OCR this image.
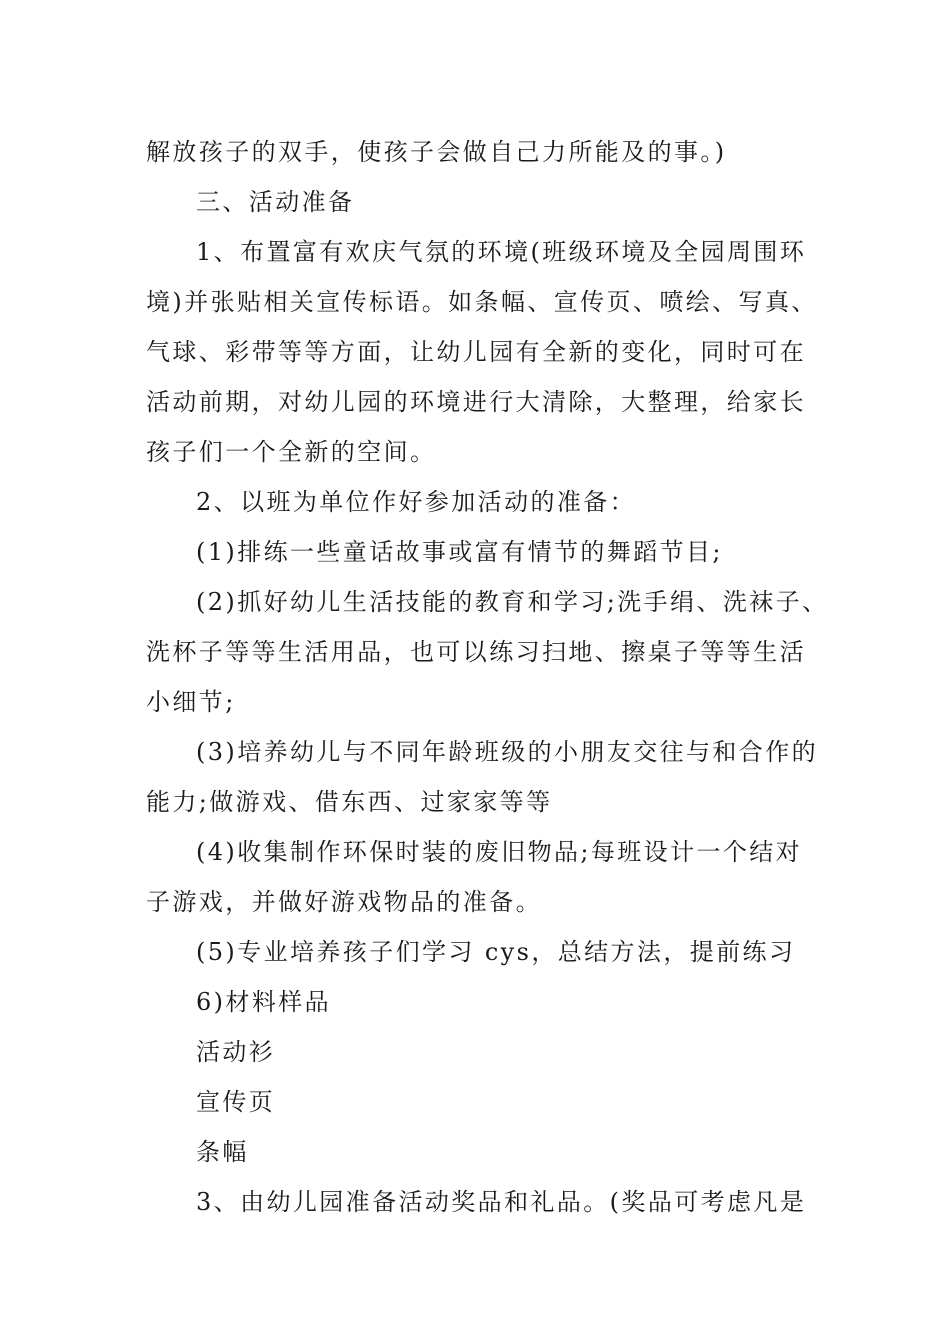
解放孩子的双手，使孩子会做自己力所能及的事。)
三、活动准备
1、布置富有欢庆气氛的环境(班级环境及全园周围环
境)并张贴相关宣传标语。如条幅、宣传页、喷绘、写真、
气球、彩带等等方面，让幼儿园有全新的变化，同时可在
活动前期，对幼儿园的环境进行大清除，大整理，给家长
孩子们一个全新的空间。
2、以班为单位作好参加活动的准备：
(1)排练一些童话故事或富有情节的舞蹈节目;
(2)抓好幼儿生活技能的教育和学习;洗手绢、洗袜子、
洗杯子等等生活用品，也可以练习扫地、擦桌子等等生活
小细节;
(3)培养幼儿与不同年龄班级的小朋友交往与和合作的
能力;做游戏、借东西、过家家等等
(4)收集制作环保时装的废旧物品;每班设计一个结对
子游戏，并做好游戏物品的准备。
(5)专业培养孩子们学习 cys，总结方法，提前练习
6)材料样品
活动衫
宣传页
条幅
3、由幼儿园准备活动奖品和礼品。(奖品可考虑凡是
